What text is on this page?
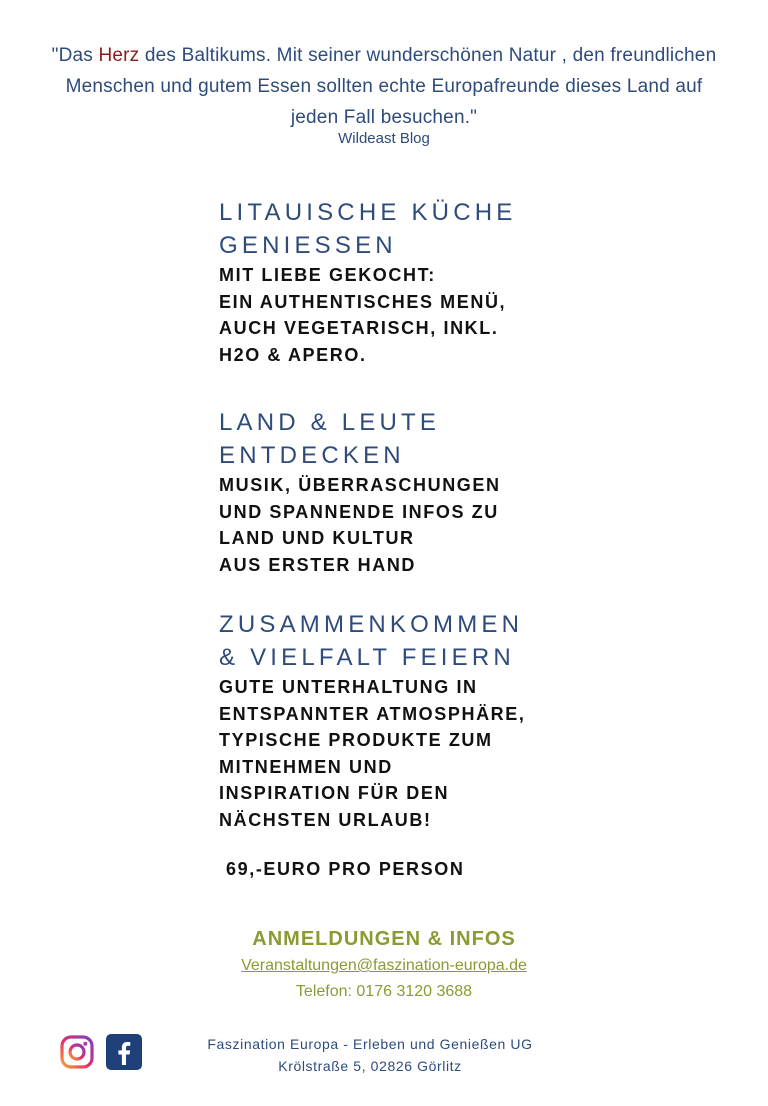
"Das Herz des Baltikums. Mit seiner wunderschönen Natur , den freundlichen Menschen und gutem Essen sollten echte Europafreunde dieses Land auf jeden Fall besuchen."
Wildeast Blog
LITAUISCHE KÜCHE
GENIESSEN

MIT LIEBE GEKOCHT:
EIN AUTHENTISCHES MENÜ,
AUCH VEGETARISCH, INKL.
H2O & APERO.

LAND & LEUTE
ENTDECKEN

MUSIK, ÜBERRASCHUNGEN
UND SPANNENDE INFOS ZU
LAND UND KULTUR
AUS ERSTER HAND

ZUSAMMENKOMMEN
& VIELFALT FEIERN

GUTE UNTERHALTUNG IN
ENTSPANNTER ATMOSPHÄRE,
TYPISCHE PRODUKTE ZUM
MITNEHMEN UND
INSPIRATION FÜR DEN
NÄCHSTEN URLAUB!

69,-EURO PRO PERSON
ANMELDUNGEN & INFOS
Veranstaltungen@faszination-europa.de
Telefon: 0176 3120 3688
Faszination Europa - Erleben und Genießen UG
Krölstraße 5, 02826 Görlitz
